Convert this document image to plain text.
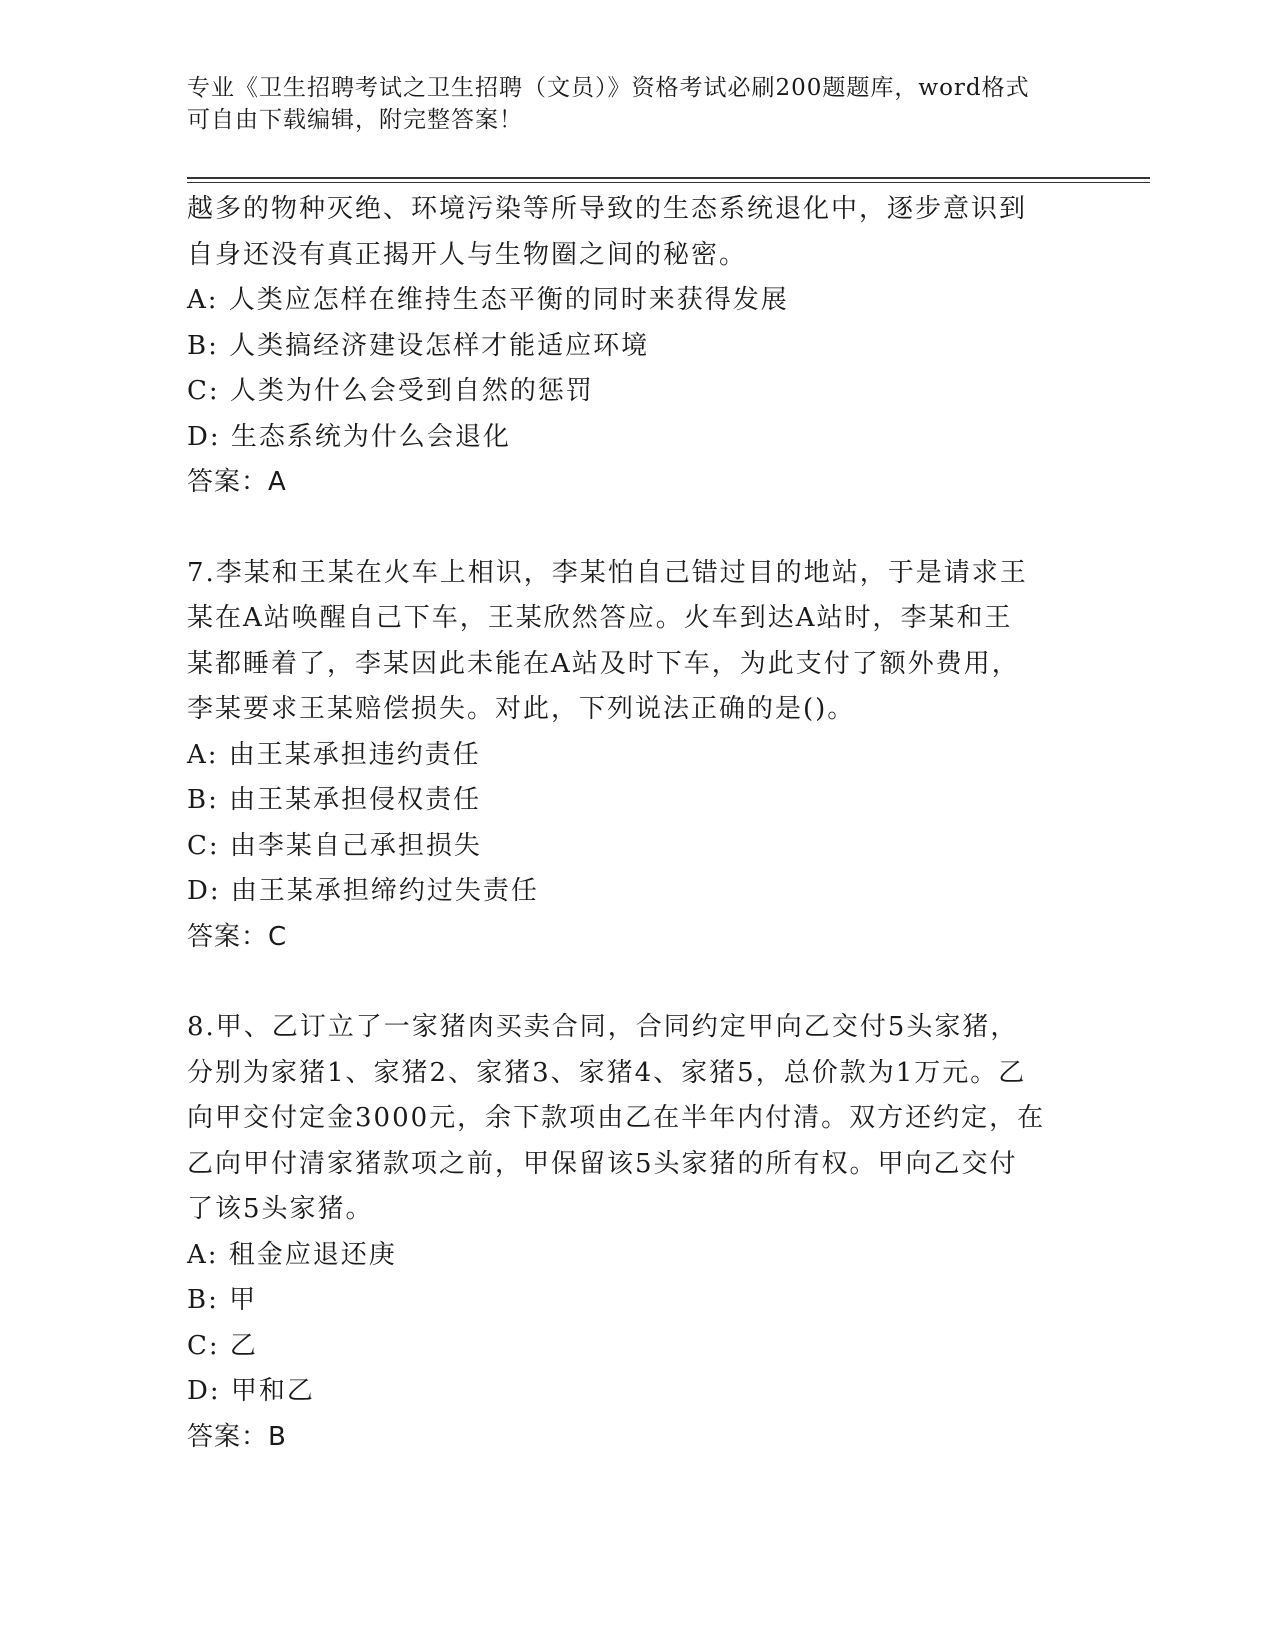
专业《卫生招聘考试之卫生招聘（文员）》资格考试必刷200题题库，word格式
可自由下载编辑，附完整答案！
越多的物种灭绝、环境污染等所导致的生态系统退化中，逐步意识到
自身还没有真正揭开人与生物圈之间的秘密。
A: 人类应怎样在维持生态平衡的同时来获得发展
B: 人类搞经济建设怎样才能适应环境
C: 人类为什么会受到自然的惩罚
D: 生态系统为什么会退化
答案：A
7.李某和王某在火车上相识，李某怕自己错过目的地站，于是请求王
某在A站唤醒自己下车，王某欣然答应。火车到达A站时，李某和王
某都睡着了，李某因此未能在A站及时下车，为此支付了额外费用，
李某要求王某赔偿损失。对此，下列说法正确的是()。
A: 由王某承担违约责任
B: 由王某承担侵权责任
C: 由李某自己承担损失
D: 由王某承担缔约过失责任
答案：C
8.甲、乙订立了一家猪肉买卖合同，合同约定甲向乙交付5头家猪，
分别为家猪1、家猪2、家猪3、家猪4、家猪5，总价款为1万元。乙
向甲交付定金3000元，余下款项由乙在半年内付清。双方还约定，在
乙向甲付清家猪款项之前，甲保留该5头家猪的所有权。甲向乙交付
了该5头家猪。
A: 租金应退还庚
B: 甲
C: 乙
D: 甲和乙
答案：B
